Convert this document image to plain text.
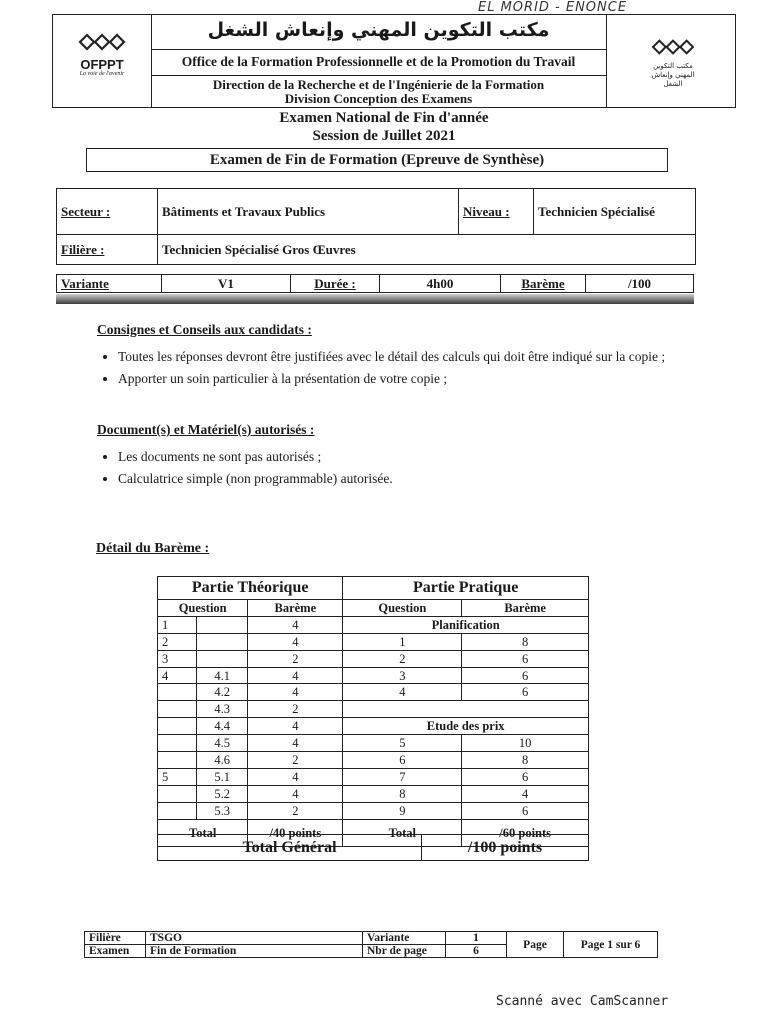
EL MORID - ENONCE
OFPPT
La voie de l'avenir
مكتب التكوين المهني وإنعاش الشغل
Office de la Formation Professionnelle et de la Promotion du Travail
Direction de la Recherche et de l'Ingénierie de la Formation
Division Conception des Examens
مكتب التكوين المهني وإنعاش الشغل
Examen National de Fin d'année
Session de Juillet 2021
Examen de Fin de Formation (Epreuve de Synthèse)
Secteur :	Bâtiments et Travaux Publics	Niveau :	Technicien Spécialisé
Filière :	Technicien Spécialisé Gros Œuvres		
Variante	V1	Durée :	4h00	Barème	/100
Consignes et Conseils aux candidats :
• Toutes les réponses devront être justifiées avec le détail des calculs qui doit être indiqué sur la copie ;
• Apporter un soin particulier à la présentation de votre copie ;
Document(s) et Matériel(s) autorisés :
• Les documents ne sont pas autorisés ;
• Calculatrice simple (non programmable) autorisée.
Détail du Barème :
Partie Théorique			Partie Pratique	
Question		Barème	Question	Barème
1		4	Planification	
2		4	1	8
3		2	2	6
4	4.1	4	3	6
	4.2	4	4	6
	4.3	2		
	4.4	4	Etude des prix	
	4.5	4	5	10
	4.6	2	6	8
5	5.1	4	7	6
	5.2	4	8	4
	5.3	2	9	6
Total		/40 points	Total	/60 points
Total Général	/100 points
Filière	TSGO	Variante	1	Page	Page 1 sur 6
Examen	Fin de Formation	Nbr de page	6		
Scanné avec CamScanner
